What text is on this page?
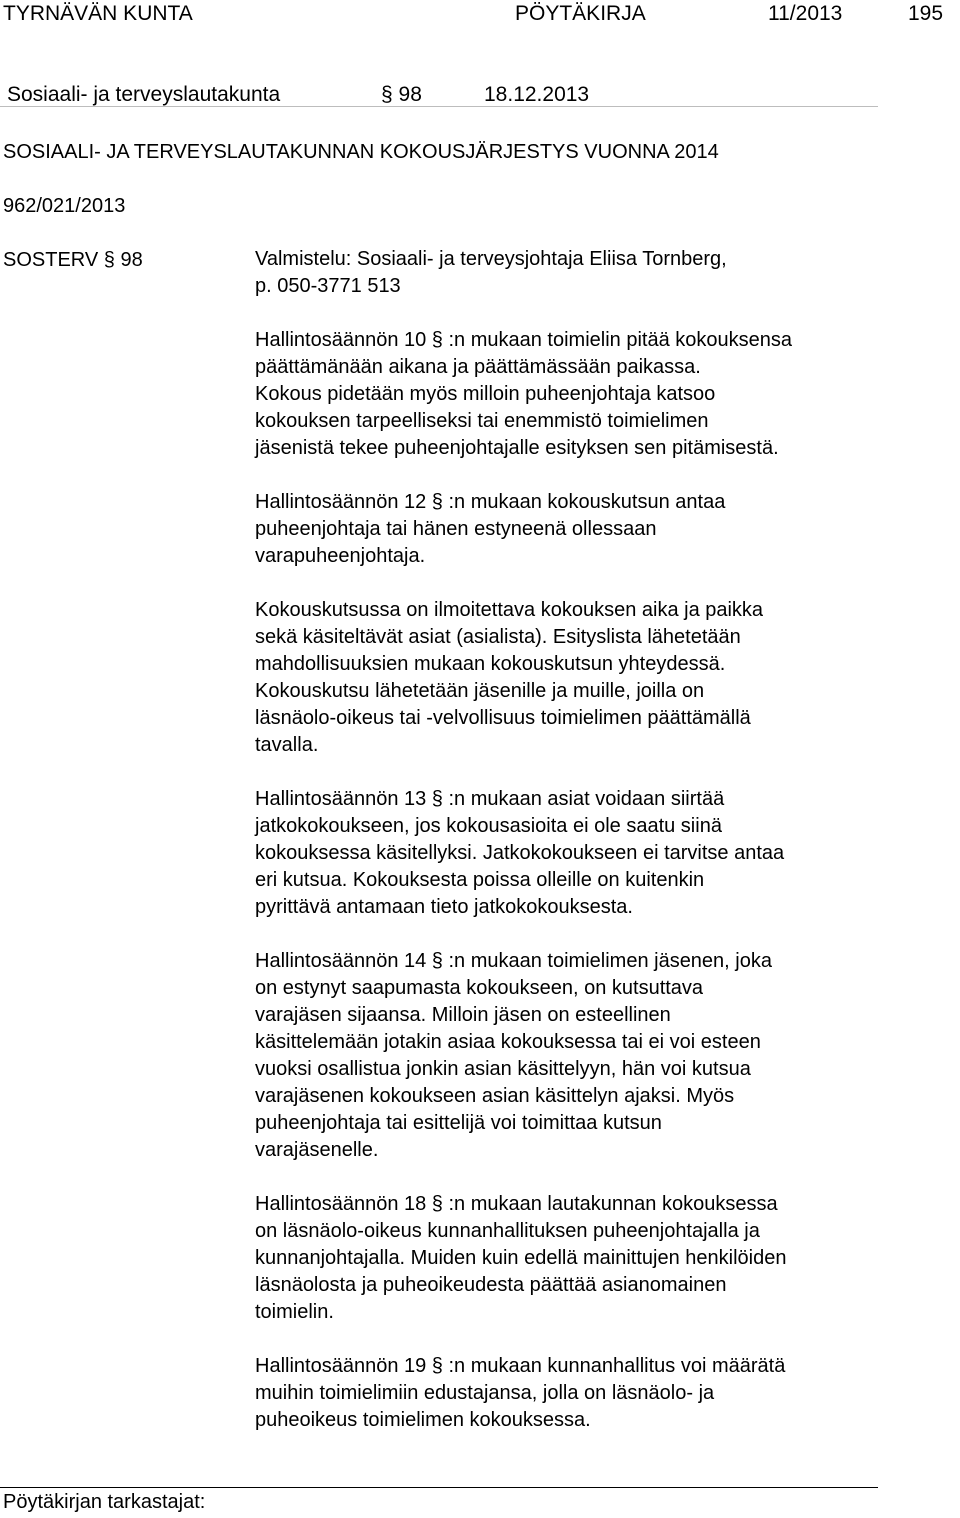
TYRNÄVÄN KUNTA	PÖYTÄKIRJA	11/2013	195
Sosiaali- ja terveyslautakunta	§ 98	18.12.2013
SOSIAALI- JA TERVEYSLAUTAKUNNAN KOKOUSJÄRJESTYS VUONNA 2014
962/021/2013
SOSTERV § 98	Valmistelu: Sosiaali- ja terveysjohtaja Eliisa Tornberg,
p. 050-3771 513
Hallintosäännön 10 § :n mukaan toimielin pitää kokouksensa
päättämänään aikana ja päättämässään paikassa.
Kokous pidetään myös milloin puheenjohtaja katsoo
kokouksen tarpeelliseksi tai enemmistö toimielimen
jäsenistä tekee puheenjohtajalle esityksen sen pitämisestä.
Hallintosäännön 12 § :n mukaan kokouskutsun antaa
puheenjohtaja tai hänen estyneenä ollessaan
varapuheenjohtaja.
Kokouskutsussa on ilmoitettava kokouksen aika ja paikka
sekä käsiteltävät asiat (asialista). Esityslista lähetetään
mahdollisuuksien mukaan kokouskutsun yhteydessä.
Kokouskutsu lähetetään jäsenille ja muille, joilla on
läsnäolo-oikeus tai -velvollisuus toimielimen päättämällä
tavalla.
Hallintosäännön 13 § :n mukaan asiat voidaan siirtää
jatkokokoukseen, jos kokousasioita ei ole saatu siinä
kokouksessa käsitellyksi. Jatkokokoukseen ei tarvitse antaa
eri kutsua. Kokouksesta poissa olleille on kuitenkin
pyrittävä antamaan tieto jatkokokouksesta.
Hallintosäännön 14 § :n mukaan toimielimen jäsenen, joka
on estynyt saapumasta kokoukseen, on kutsuttava
varajäsen sijaansa. Milloin jäsen on esteellinen
käsittelemään jotakin asiaa kokouksessa tai ei voi esteen
vuoksi osallistua jonkin asian käsittelyyn, hän voi kutsua
varajäsenen kokoukseen asian käsittelyn ajaksi. Myös
puheenjohtaja tai esittelijä voi toimittaa kutsun
varajäsenelle.
Hallintosäännön 18 § :n mukaan lautakunnan kokouksessa
on läsnäolo-oikeus kunnanhallituksen puheenjohtajalla ja
kunnanjohtajalla. Muiden kuin edellä mainittujen henkilöiden
läsnäolosta ja puheoikeudesta päättää asianomainen
toimielin.
Hallintosäännön 19 § :n mukaan kunnanhallitus voi määrätä
muihin toimielimiin edustajansa, jolla on läsnäolo- ja
puheoikeus toimielimen kokouksessa.
Pöytäkirjan tarkastajat:
